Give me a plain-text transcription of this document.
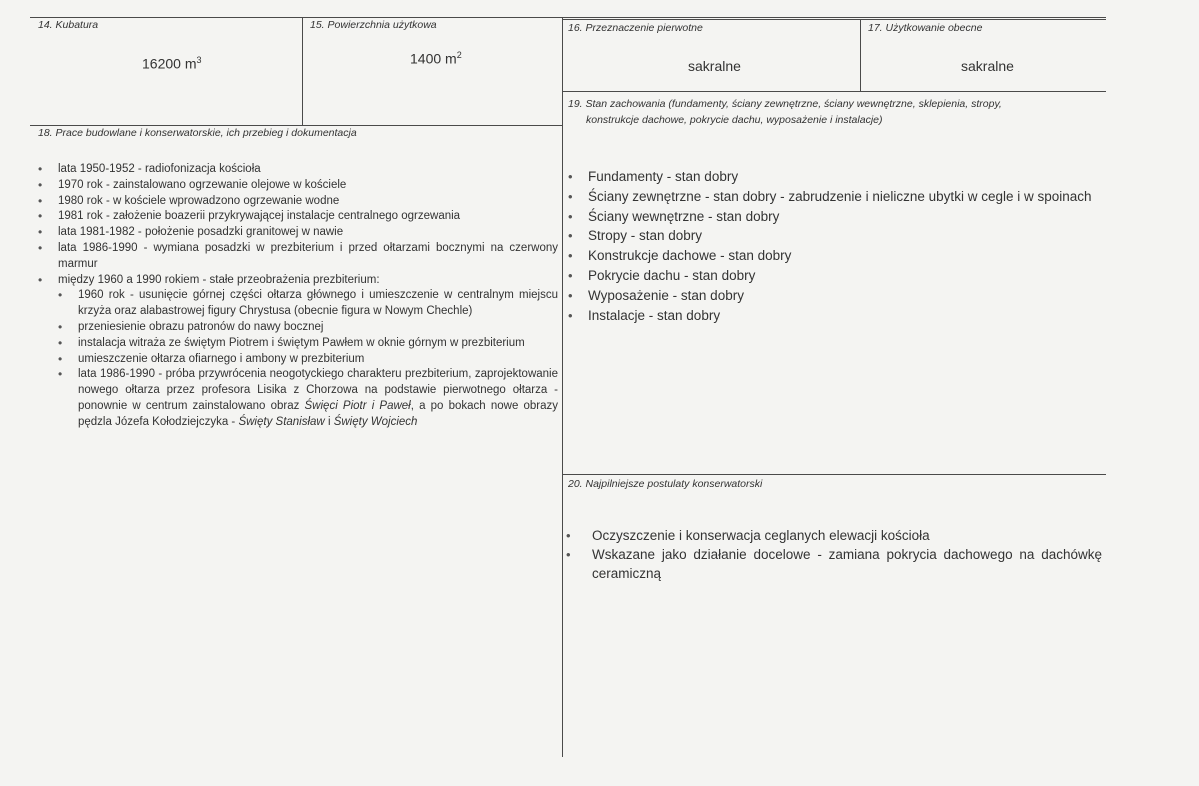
14. Kubatura
16200 $m^3$
15. Powierzchnia użytkowa
1400 $m^2$
16. Przeznaczenie pierwotne
sakralne
17. Użytkowanie obecne
sakralne
18. Prace budowlane i konserwatorskie, ich przebieg i dokumentacja
• lata 1950-1952 - radiofonizacja kościoła
• 1970 rok - zainstalowano ogrzewanie olejowe w kościele
• 1980 rok - w kościele wprowadzono ogrzewanie wodne
• 1981 rok - założenie boazerii przykrywającej instalacje centralnego ogrzewania
• lata 1981-1982 - położenie posadzki granitowej w nawie
• lata 1986-1990 - wymiana posadzki w prezbiterium i przed ołtarzami bocznymi na czerwony marmur
• między 1960 a 1990 rokiem - stałe przeobrażenia prezbiterium:
• 1960 rok - usunięcie górnej części ołtarza głównego i umieszczenie w centralnym miejscu krzyża oraz alabastrowej figury Chrystusa (obecnie figura w Nowym Chechle)
• przeniesienie obrazu patronów do nawy bocznej
• instalacja witraża ze świętym Piotrem i świętym Pawłem w oknie górnym w prezbiterium
• umieszczenie ołtarza ofiarnego i ambony w prezbiterium
• lata 1986-1990 - próba przywrócenia neogotyckiego charakteru prezbiterium, zaprojektowanie nowego ołtarza przez profesora Lisika z Chorzowa na podstawie pierwotnego ołtarza - ponownie w centrum zainstalowano obraz Święci Piotr i Paweł, a po bokach nowe obrazy pędzla Józefa Kołodziejczyka - Święty Stanisław i Święty Wojciech
19. Stan zachowania (fundamenty, ściany zewnętrzne, ściany wewnętrzne, sklepienia, stropy,
konstrukcje dachowe, pokrycie dachu, wyposażenie i instalacje)
• Fundamenty - stan dobry
• Ściany zewnętrzne - stan dobry - zabrudzenie i nieliczne ubytki w cegle i w spoinach
• Ściany wewnętrzne - stan dobry
• Stropy - stan dobry
• Konstrukcje dachowe - stan dobry
• Pokrycie dachu - stan dobry
• Wyposażenie - stan dobry
• Instalacje - stan dobry
20. Najpilniejsze postulaty konserwatorski
• Oczyszczenie i konserwacja ceglanych elewacji kościoła
• Wskazane jako działanie docelowe - zamiana pokrycia dachowego na dachówkę ceramiczną
